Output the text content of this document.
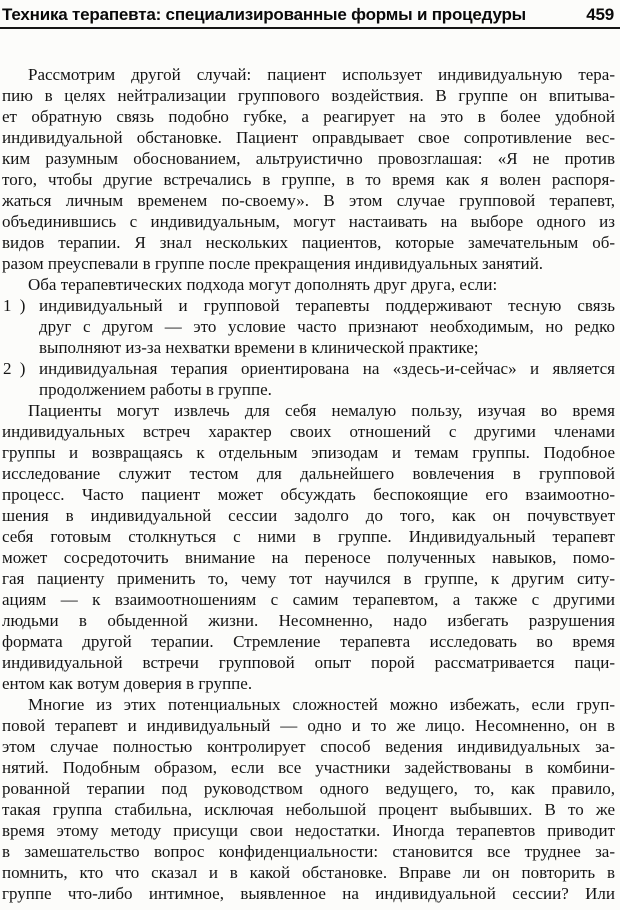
Техника терапевта: специализированные формы и процедуры	459
Рассмотрим другой случай: пациент использует индивидуальную тера-
пию в целях нейтрализации группового воздействия. В группе он впитыва-
ет обратную связь подобно губке, а реагирует на это в более удобной
индивидуальной обстановке. Пациент оправдывает свое сопротивление вес-
ким разумным обоснованием, альтруистично провозглашая: «Я не против
того, чтобы другие встречались в группе, в то время как я волен распоря-
жаться личным временем по-своему». В этом случае групповой терапевт,
объединившись с индивидуальным, могут настаивать на выборе одного из
видов терапии. Я знал нескольких пациентов, которые замечательным об-
разом преуспевали в группе после прекращения индивидуальных занятий.
Оба терапевтических подхода могут дополнять друг друга, если:
1 ) индивидуальный и групповой терапевты поддерживают тесную связь
друг с другом — это условие часто признают необходимым, но редко
выполняют из-за нехватки времени в клинической практике;
2 ) индивидуальная терапия ориентирована на «здесь-и-сейчас» и является
продолжением работы в группе.
Пациенты могут извлечь для себя немалую пользу, изучая во время
индивидуальных встреч характер своих отношений с другими членами
группы и возвращаясь к отдельным эпизодам и темам группы. Подобное
исследование служит тестом для дальнейшего вовлечения в групповой
процесс. Часто пациент может обсуждать беспокоящие его взаимоотно-
шения в индивидуальной сессии задолго до того, как он почувствует
себя готовым столкнуться с ними в группе. Индивидуальный терапевт
может сосредоточить внимание на переносе полученных навыков, помо-
гая пациенту применить то, чему тот научился в группе, к другим ситу-
ациям — к взаимоотношениям с самим терапевтом, а также с другими
людьми в обыденной жизни. Несомненно, надо избегать разрушения
формата другой терапии. Стремление терапевта исследовать во время
индивидуальной встречи групповой опыт порой рассматривается паци-
ентом как вотум доверия в группе.
Многие из этих потенциальных сложностей можно избежать, если груп-
повой терапевт и индивидуальный — одно и то же лицо. Несомненно, он в
этом случае полностью контролирует способ ведения индивидуальных за-
нятий. Подобным образом, если все участники задействованы в комбини-
рованной терапии под руководством одного ведущего, то, как правило,
такая группа стабильна, исключая небольшой процент выбывших. В то же
время этому методу присущи свои недостатки. Иногда терапевтов приводит
в замешательство вопрос конфиденциальности: становится все труднее за-
помнить, кто что сказал и в какой обстановке. Вправе ли он повторить в
группе что-либо интимное, выявленное на индивидуальной сессии? Или
